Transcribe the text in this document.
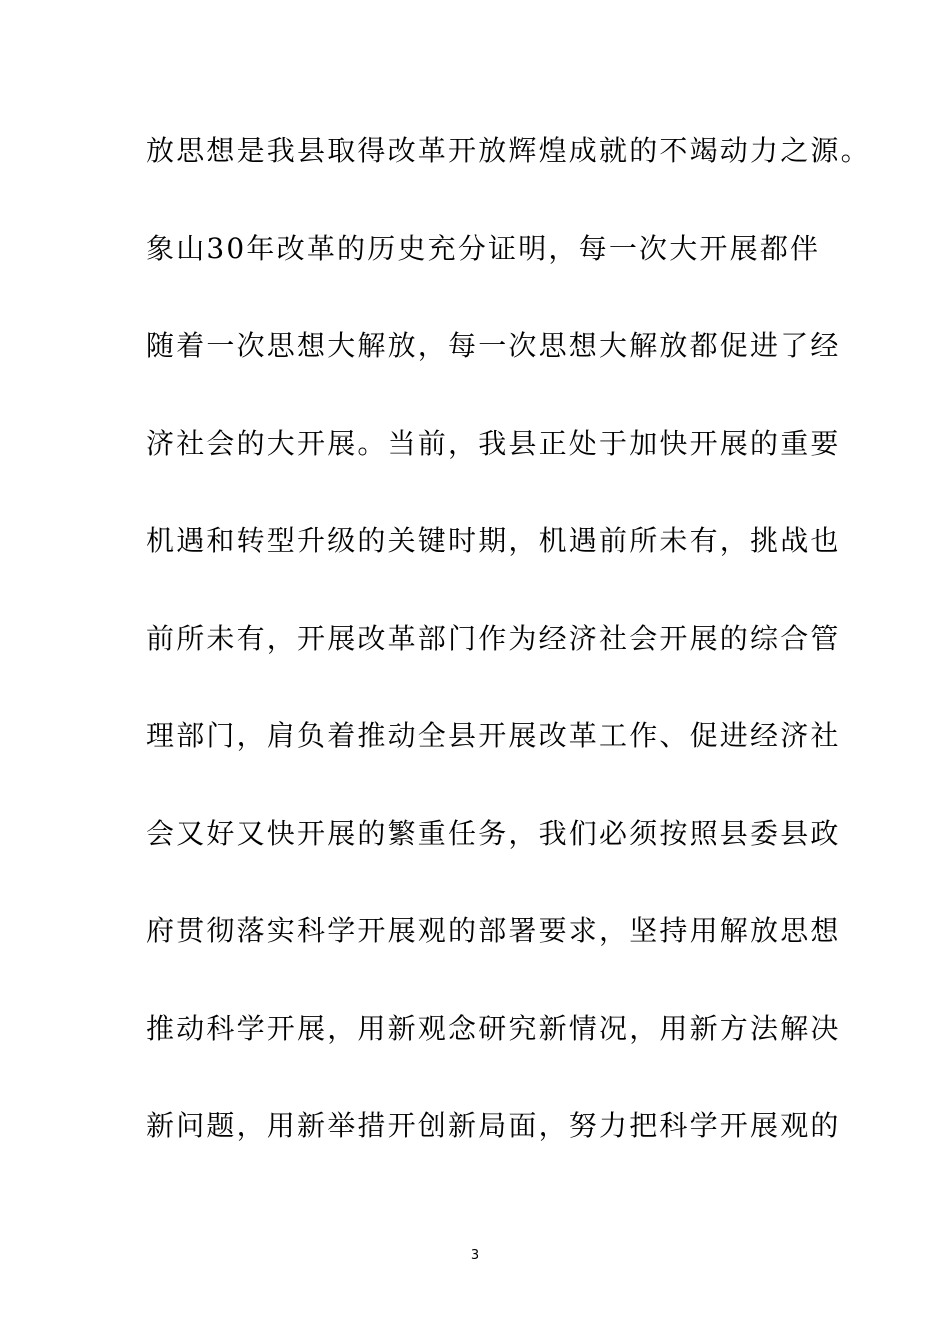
放思想是我县取得改革开放辉煌成就的不竭动力之源。
象山30年改革的历史充分证明，每一次大开展都伴
随着一次思想大解放，每一次思想大解放都促进了经
济社会的大开展。当前，我县正处于加快开展的重要
机遇和转型升级的关键时期，机遇前所未有，挑战也
前所未有，开展改革部门作为经济社会开展的综合管
理部门，肩负着推动全县开展改革工作、促进经济社
会又好又快开展的繁重任务，我们必须按照县委县政
府贯彻落实科学开展观的部署要求，坚持用解放思想
推动科学开展，用新观念研究新情况，用新方法解决
新问题，用新举措开创新局面，努力把科学开展观的
3
